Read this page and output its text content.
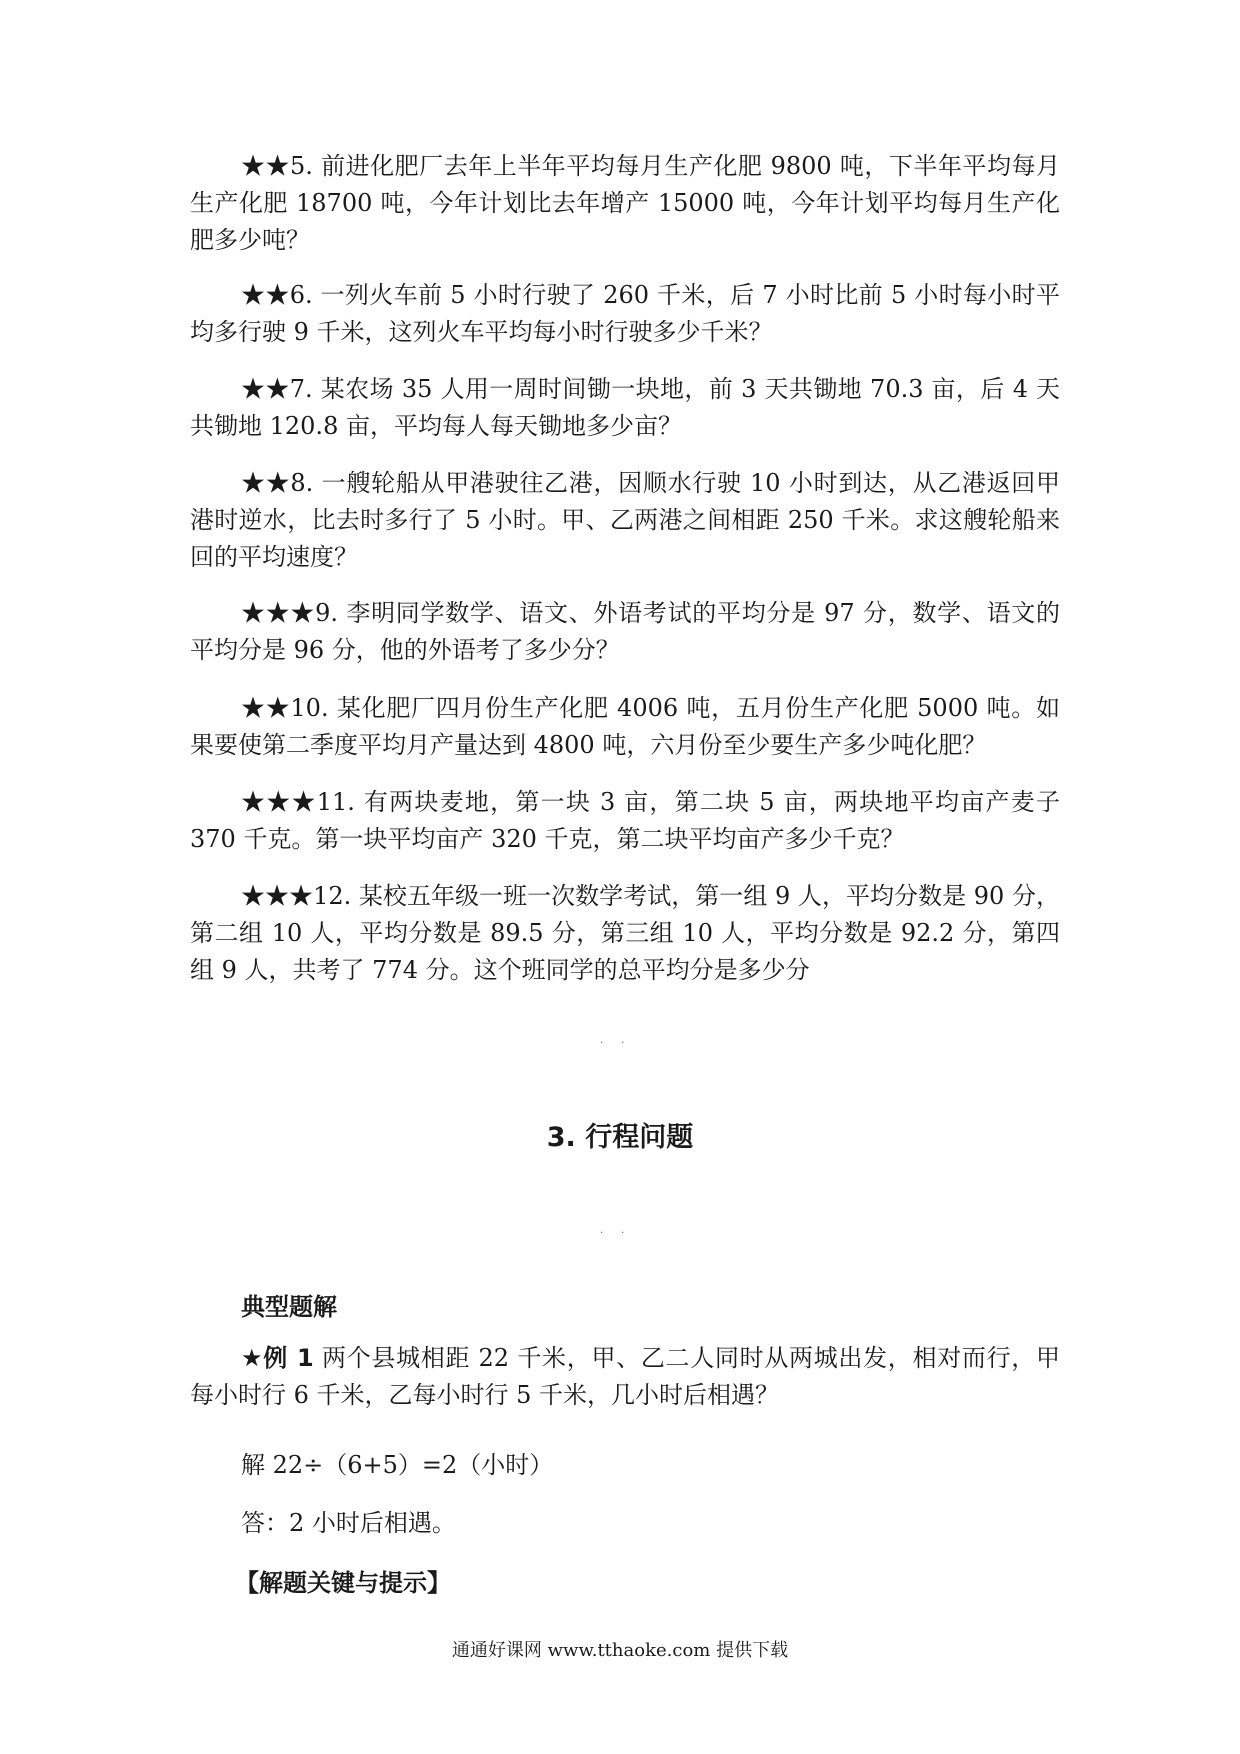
★★5. 前进化肥厂去年上半年平均每月生产化肥 9800 吨，下半年平均每月生产化肥 18700 吨，今年计划比去年增产 15000 吨，今年计划平均每月生产化肥多少吨？

★★6. 一列火车前 5 小时行驶了 260 千米，后 7 小时比前 5 小时每小时平均多行驶 9 千米，这列火车平均每小时行驶多少千米？

★★7. 某农场 35 人用一周时间锄一块地，前 3 天共锄地 70.3 亩，后 4 天共锄地 120.8 亩，平均每人每天锄地多少亩？

★★8. 一艘轮船从甲港驶往乙港，因顺水行驶 10 小时到达，从乙港返回甲港时逆水，比去时多行了 5 小时。甲、乙两港之间相距 250 千米。求这艘轮船来回的平均速度？

★★★9. 李明同学数学、语文、外语考试的平均分是 97 分，数学、语文的平均分是 96 分，他的外语考了多少分？

★★10. 某化肥厂四月份生产化肥 4006 吨，五月份生产化肥 5000 吨。如果要使第二季度平均月产量达到 4800 吨，六月份至少要生产多少吨化肥？

★★★11. 有两块麦地，第一块 3 亩，第二块 5 亩，两块地平均亩产麦子 370 千克。第一块平均亩产 320 千克，第二块平均亩产多少千克？

★★★12. 某校五年级一班一次数学考试，第一组 9 人，平均分数是 90 分，第二组 10 人，平均分数是 89.5 分，第三组 10 人，平均分数是 92.2 分，第四组 9 人，共考了 774 分。这个班同学的总平均分是多少分

··
3. 行程问题
··
典型题解

★例 1 两个县城相距 22 千米，甲、乙二人同时从两城出发，相对而行，甲每小时行 6 千米，乙每小时行 5 千米，几小时后相遇？

解 22÷（6+5）=2（小时）

答：2 小时后相遇。

【解题关键与提示】
通通好课网 www.tthaoke.com 提供下载
